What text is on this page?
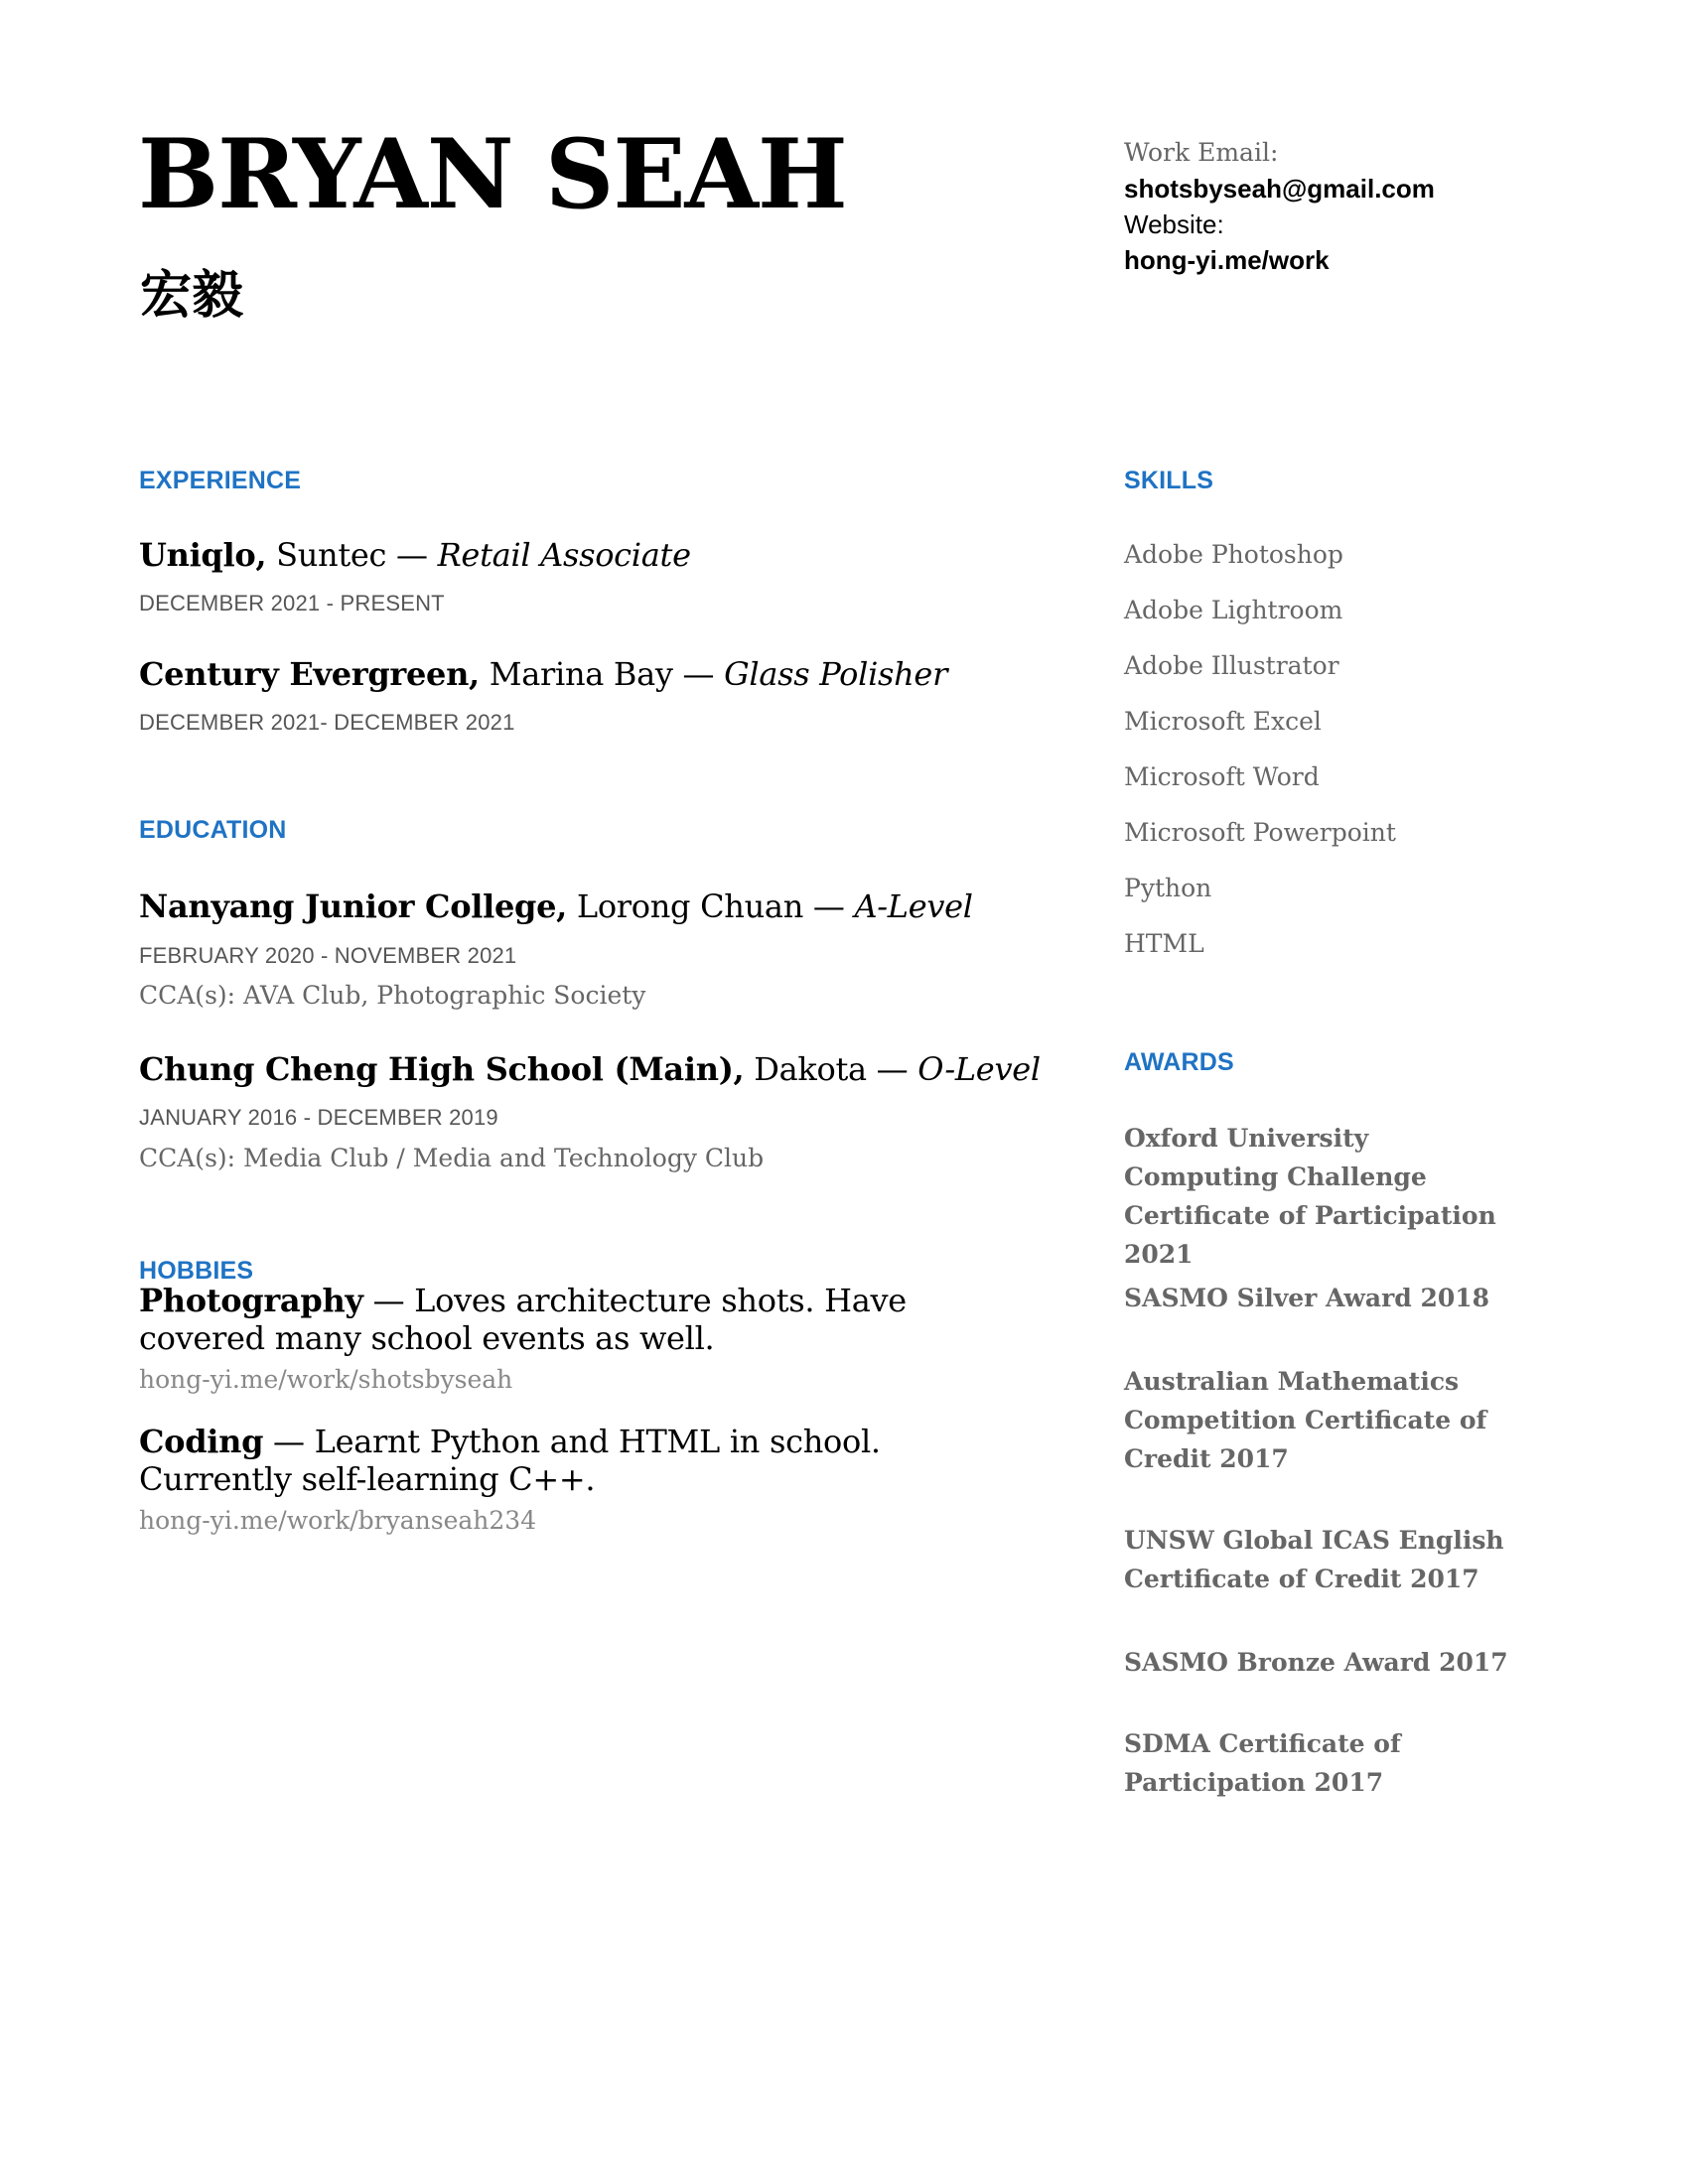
BRYAN SEAH
宏毅
Work Email:
shotsbyseah@gmail.com
Website:
hong-yi.me/work
EXPERIENCE
Uniqlo, Suntec — Retail Associate
DECEMBER 2021 - PRESENT
Century Evergreen, Marina Bay — Glass Polisher
DECEMBER 2021- DECEMBER 2021
EDUCATION
Nanyang Junior College, Lorong Chuan — A-Level
FEBRUARY 2020 - NOVEMBER 2021
CCA(s): AVA Club, Photographic Society
Chung Cheng High School (Main), Dakota — O-Level
JANUARY 2016 - DECEMBER 2019
CCA(s): Media Club / Media and Technology Club
HOBBIES
Photography — Loves architecture shots. Have covered many school events as well.
hong-yi.me/work/shotsbyseah
Coding — Learnt Python and HTML in school. Currently self-learning C++.
hong-yi.me/work/bryanseah234
SKILLS
Adobe Photoshop
Adobe Lightroom
Adobe Illustrator
Microsoft Excel
Microsoft Word
Microsoft Powerpoint
Python
HTML
AWARDS
Oxford University Computing Challenge Certificate of Participation 2021
SASMO Silver Award 2018
Australian Mathematics Competition Certificate of Credit 2017
UNSW Global ICAS English Certificate of Credit 2017
SASMO Bronze Award 2017
SDMA Certificate of Participation 2017
